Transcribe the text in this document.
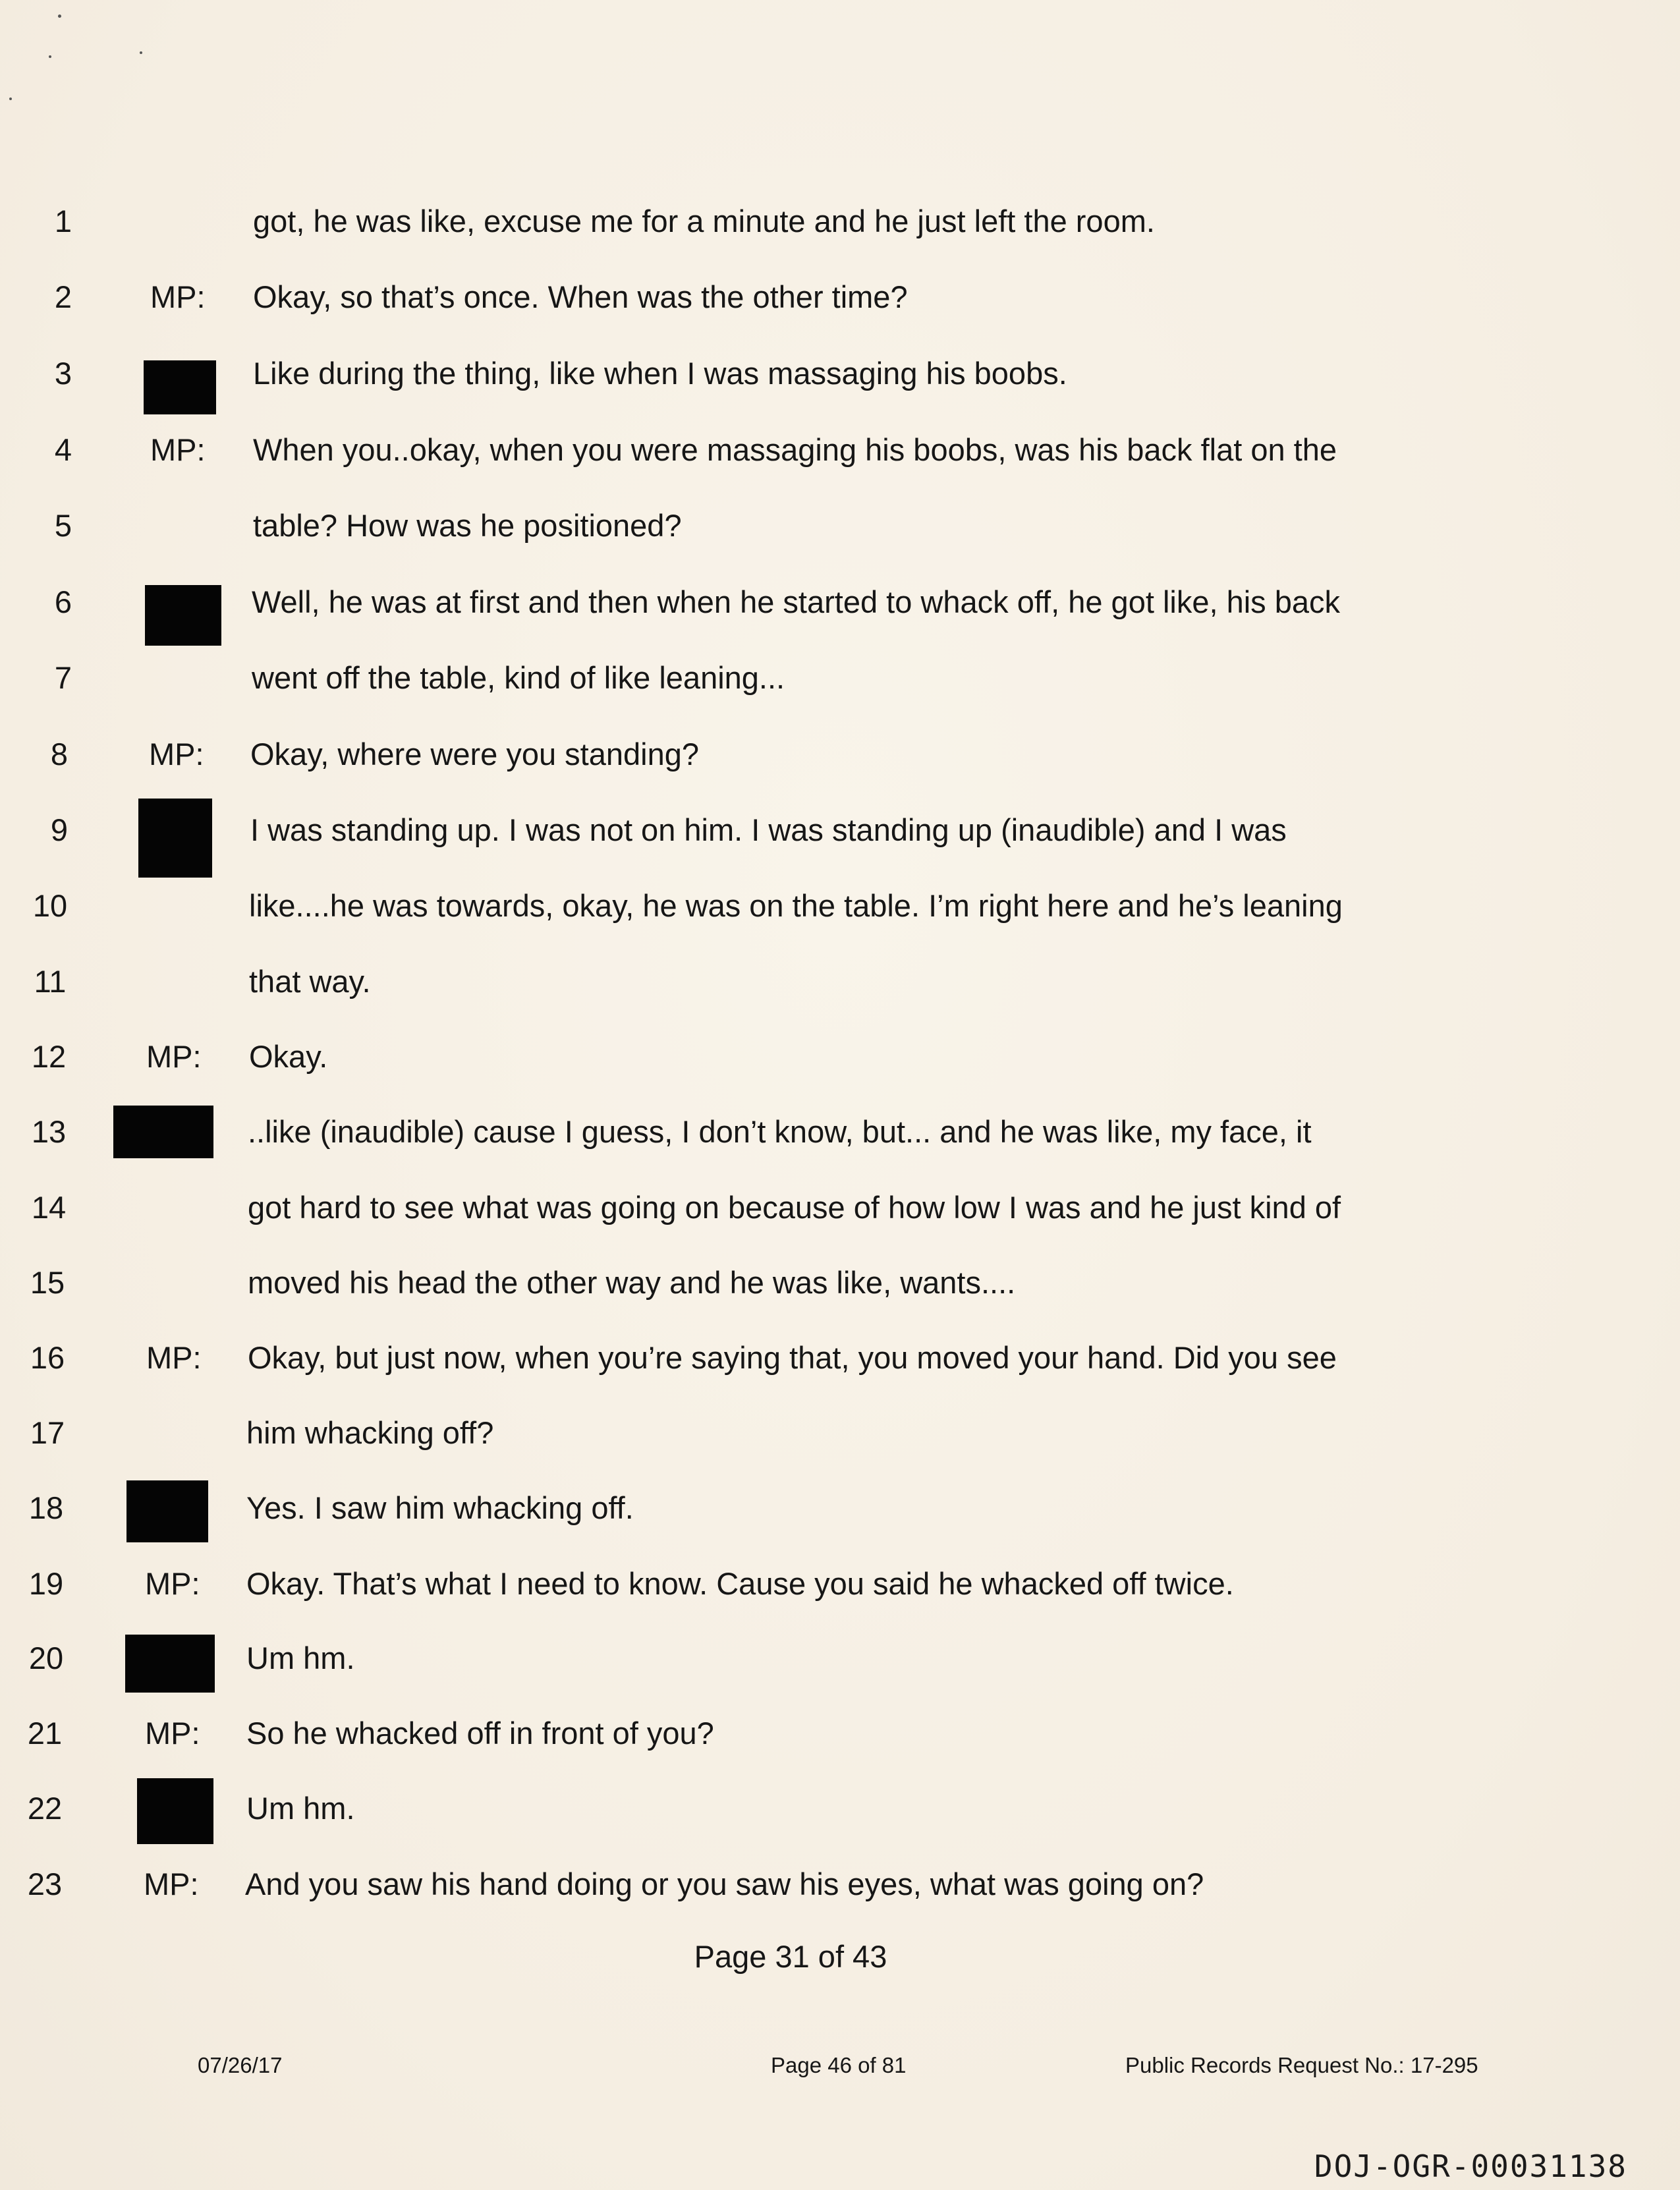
1	got, he was like, excuse me for a minute and he just left the room.
2	MP: Okay, so that’s once. When was the other time?
3	Like during the thing, like when I was massaging his boobs.
4	MP: When you..okay, when you were massaging his boobs, was his back flat on the
5	table? How was he positioned?
6	Well, he was at first and then when he started to whack off, he got like, his back
7	went off the table, kind of like leaning...
8	MP: Okay, where were you standing?
9	I was standing up. I was not on him. I was standing up (inaudible) and I was
10	like....he was towards, okay, he was on the table. I’m right here and he’s leaning
11	that way.
12	MP: Okay.
13	..like (inaudible) cause I guess, I don’t know, but... and he was like, my face, it
14	got hard to see what was going on because of how low I was and he just kind of
15	moved his head the other way and he was like, wants....
16	MP: Okay, but just now, when you’re saying that, you moved your hand. Did you see
17	him whacking off?
18	Yes. I saw him whacking off.
19	MP: Okay. That’s what I need to know. Cause you said he whacked off twice.
20	Um hm.
21	MP: So he whacked off in front of you?
22	Um hm.
23	MP: And you saw his hand doing or you saw his eyes, what was going on?
Page 31 of 43
07/26/17	Page 46 of 81	Public Records Request No.: 17-295
DOJ-OGR-00031138
